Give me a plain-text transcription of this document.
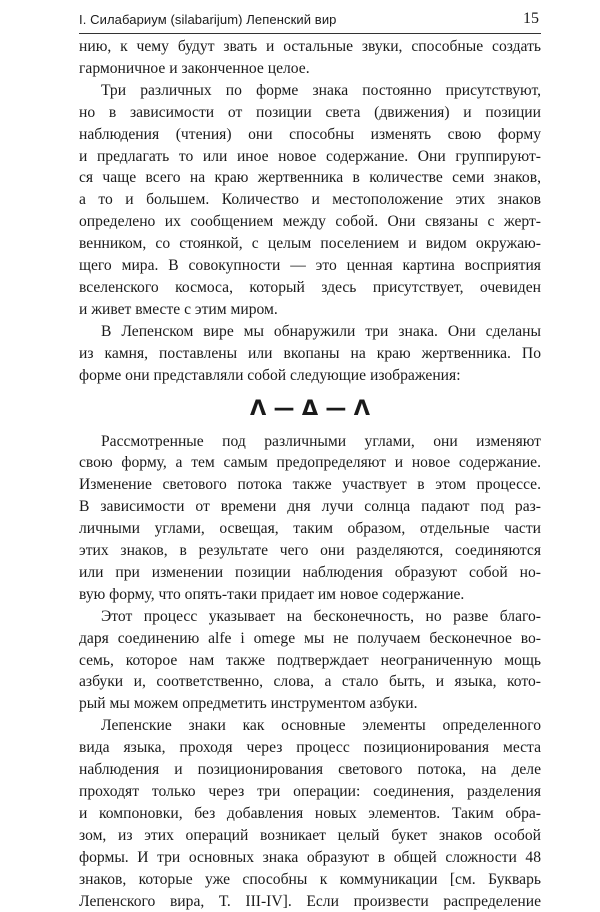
I. Силабариум (silabarijum) Лепенский вир	15
нию, к чему будут звать и остальные звуки, способные создать
гармоничное и законченное целое.
Три различных по форме знака постоянно присутствуют,
но в зависимости от позиции света (движения) и позиции
наблюдения (чтения) они способны изменять свою форму
и предлагать то или иное новое содержание. Они группируют-
ся чаще всего на краю жертвенника в количестве семи знаков,
а то и большем. Количество и местоположение этих знаков
определено их сообщением между собой. Они связаны с жерт-
венником, со стоянкой, с целым поселением и видом окружаю-
щего мира. В совокупности — это ценная картина восприятия
вселенского космоса, который здесь присутствует, очевиден
и живет вместе с этим миром.
В Лепенском вире мы обнаружили три знака. Они сделаны
из камня, поставлены или вкопаны на краю жертвенника. По
форме они представляли собой следующие изображения:
Λ — Δ — Λ
Рассмотренные под различными углами, они изменяют
свою форму, а тем самым предопределяют и новое содержание.
Изменение светового потока также участвует в этом процессе.
В зависимости от времени дня лучи солнца падают под раз-
личными углами, освещая, таким образом, отдельные части
этих знаков, в результате чего они разделяются, соединяются
или при изменении позиции наблюдения образуют собой но-
вую форму, что опять-таки придает им новое содержание.
Этот процесс указывает на бесконечность, но разве благо-
даря соединению alfe i omege мы не получаем бесконечное во-
семь, которое нам также подтверждает неограниченную мощь
азбуки и, соответственно, слова, а стало быть, и языка, кото-
рый мы можем опредметить инструментом азбуки.
Лепенские знаки как основные элементы определенного
вида языка, проходя через процесс позиционирования места
наблюдения и позиционирования светового потока, на деле
проходят только через три операции: соединения, разделения
и компоновки, без добавления новых элементов. Таким обра-
зом, из этих операций возникает целый букет знаков особой
формы. И три основных знака образуют в общей сложности 48
знаков, которые уже способны к коммуникации [см. Букварь
Лепенского вира, Т. III-IV]. Если произвести распределение
